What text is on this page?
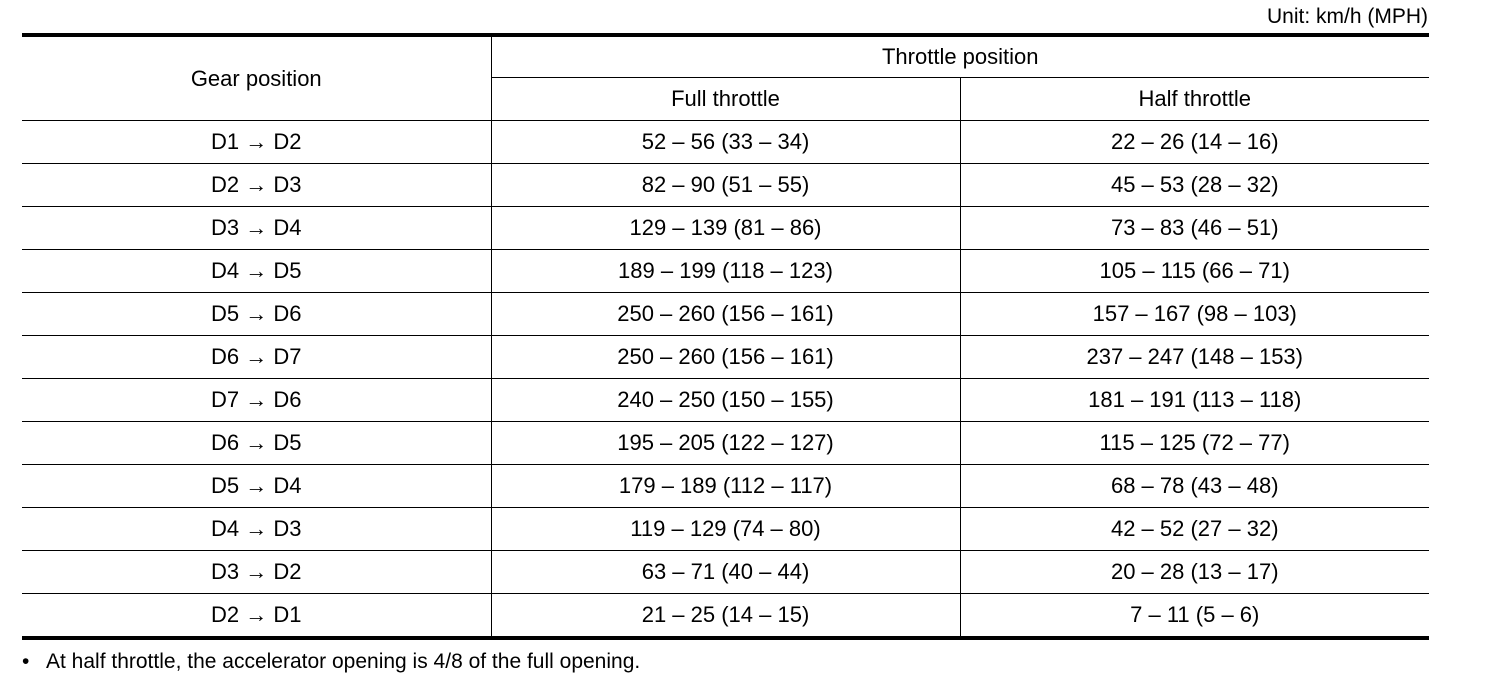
Unit: km/h (MPH)
Gear position	Throttle position	
	Full throttle	Half throttle
D1 → D2	52 – 56 (33 – 34)	22 – 26 (14 – 16)
D2 → D3	82 – 90 (51 – 55)	45 – 53 (28 – 32)
D3 → D4	129 – 139 (81 – 86)	73 – 83 (46 – 51)
D4 → D5	189 – 199 (118 – 123)	105 – 115 (66 – 71)
D5 → D6	250 – 260 (156 – 161)	157 – 167 (98 – 103)
D6 → D7	250 – 260 (156 – 161)	237 – 247 (148 – 153)
D7 → D6	240 – 250 (150 – 155)	181 – 191 (113 – 118)
D6 → D5	195 – 205 (122 – 127)	115 – 125 (72 – 77)
D5 → D4	179 – 189 (112 – 117)	68 – 78 (43 – 48)
D4 → D3	119 – 129 (74 – 80)	42 – 52 (27 – 32)
D3 → D2	63 – 71 (40 – 44)	20 – 28 (13 – 17)
D2 → D1	21 – 25 (14 – 15)	7 – 11 (5 – 6)
• At half throttle, the accelerator opening is 4/8 of the full opening.
